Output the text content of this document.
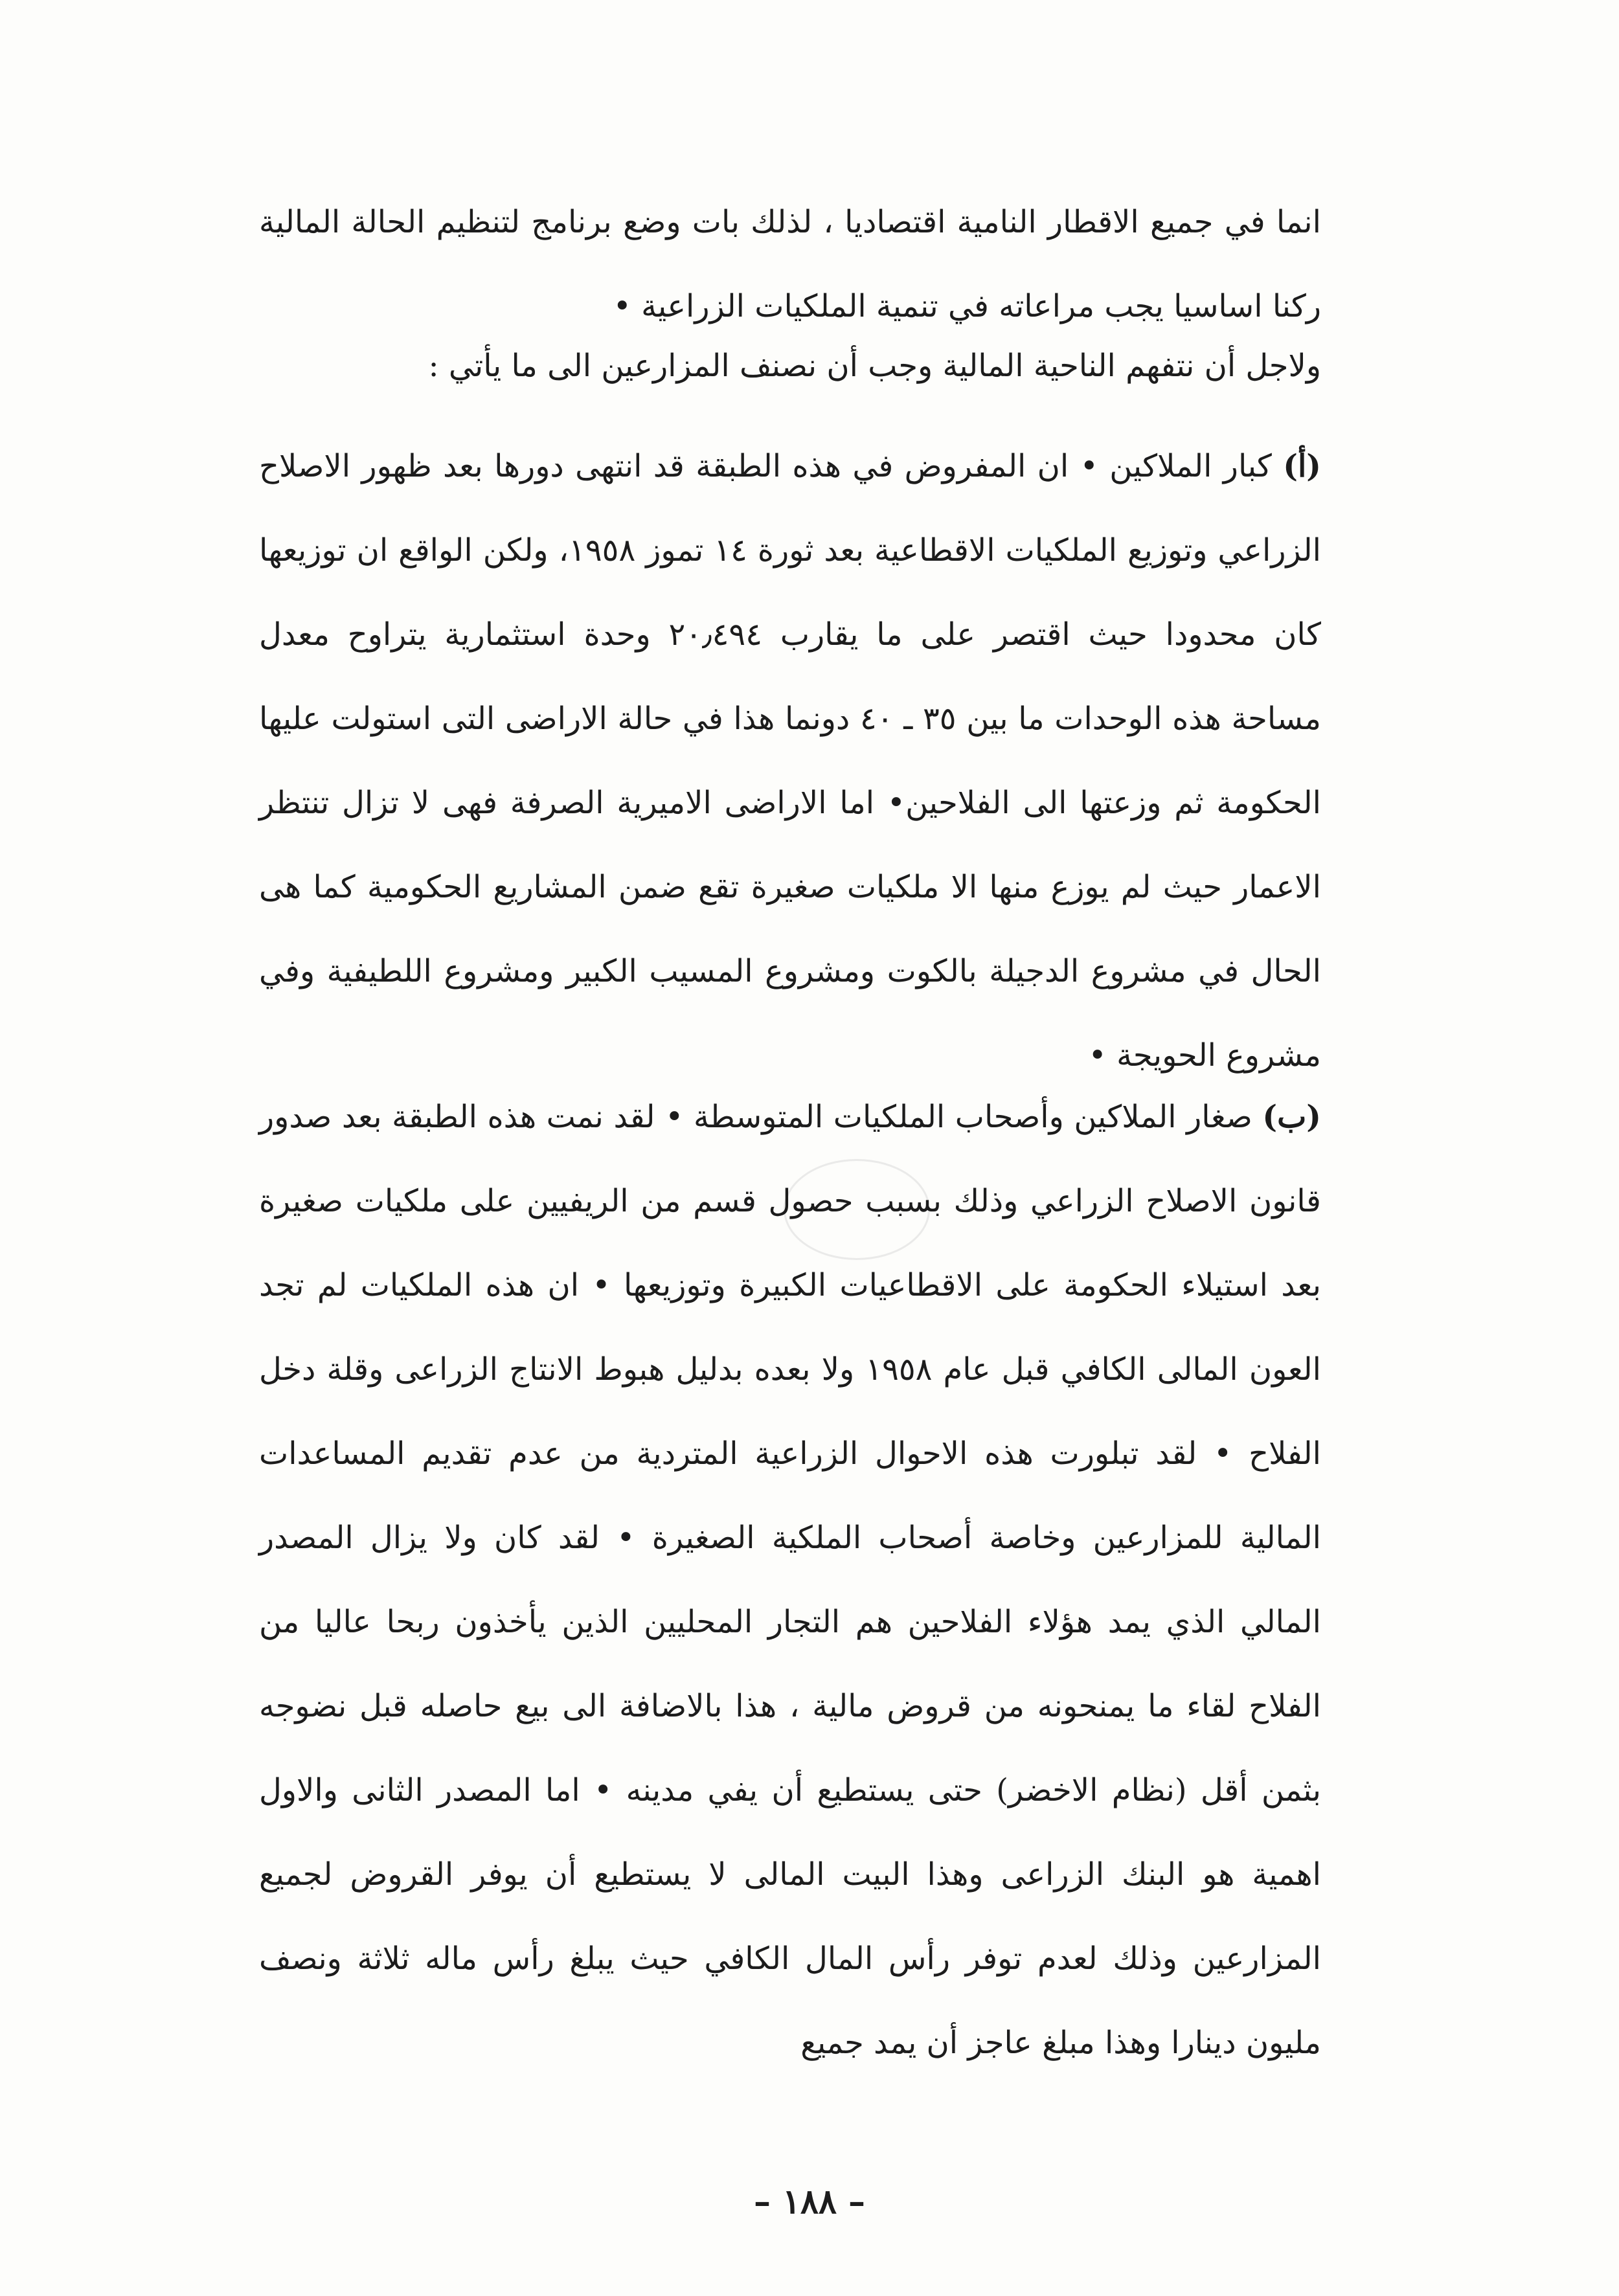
انما في جميع الاقطار النامية اقتصاديا ، لذلك بات وضع برنامج لتنظيم الحالة المالية ركنا اساسيا يجب مراعاته في تنمية الملكيات الزراعية •

ولاجل أن نتفهم الناحية المالية وجب أن نصنف المزارعين الى ما يأتي :

(أ) كبار الملاكين • ان المفروض في هذه الطبقة قد انتهى دورها بعد ظهور الاصلاح الزراعي وتوزيع الملكيات الاقطاعية بعد ثورة ١٤ تموز ١٩٥٨، ولكن الواقع ان توزيعها كان محدودا حيث اقتصر على ما يقارب ٢٠٫٤٩٤ وحدة استثمارية يتراوح معدل مساحة هذه الوحدات ما بين ٣٥ ـ ٤٠ دونما هذا في حالة الاراضى التى استولت عليها الحكومة ثم وزعتها الى الفلاحين• اما الاراضى الاميرية الصرفة فهى لا تزال تنتظر الاعمار حيث لم يوزع منها الا ملكيات صغيرة تقع ضمن المشاريع الحكومية كما هى الحال في مشروع الدجيلة بالكوت ومشروع المسيب الكبير ومشروع اللطيفية وفي مشروع الحويجة •

(ب) صغار الملاكين وأصحاب الملكيات المتوسطة • لقد نمت هذه الطبقة بعد صدور قانون الاصلاح الزراعي وذلك بسبب حصول قسم من الريفيين على ملكيات صغيرة بعد استيلاء الحكومة على الاقطاعيات الكبيرة وتوزيعها • ان هذه الملكيات لم تجد العون المالى الكافي قبل عام ١٩٥٨ ولا بعده بدليل هبوط الانتاج الزراعى وقلة دخل الفلاح • لقد تبلورت هذه الاحوال الزراعية المتردية من عدم تقديم المساعدات المالية للمزارعين وخاصة أصحاب الملكية الصغيرة • لقد كان ولا يزال المصدر المالي الذي يمد هؤلاء الفلاحين هم التجار المحليين الذين يأخذون ربحا عاليا من الفلاح لقاء ما يمنحونه من قروض مالية ، هذا بالاضافة الى بيع حاصله قبل نضوجه بثمن أقل (نظام الاخضر) حتى يستطيع أن يفي مدينه • اما المصدر الثانى والاول اهمية هو البنك الزراعى وهذا البيت المالى لا يستطيع أن يوفر القروض لجميع المزارعين وذلك لعدم توفر رأس المال الكافي حيث يبلغ رأس ماله ثلاثة ونصف مليون دينارا وهذا مبلغ عاجز أن يمد جميع

– ١٨٨ –
